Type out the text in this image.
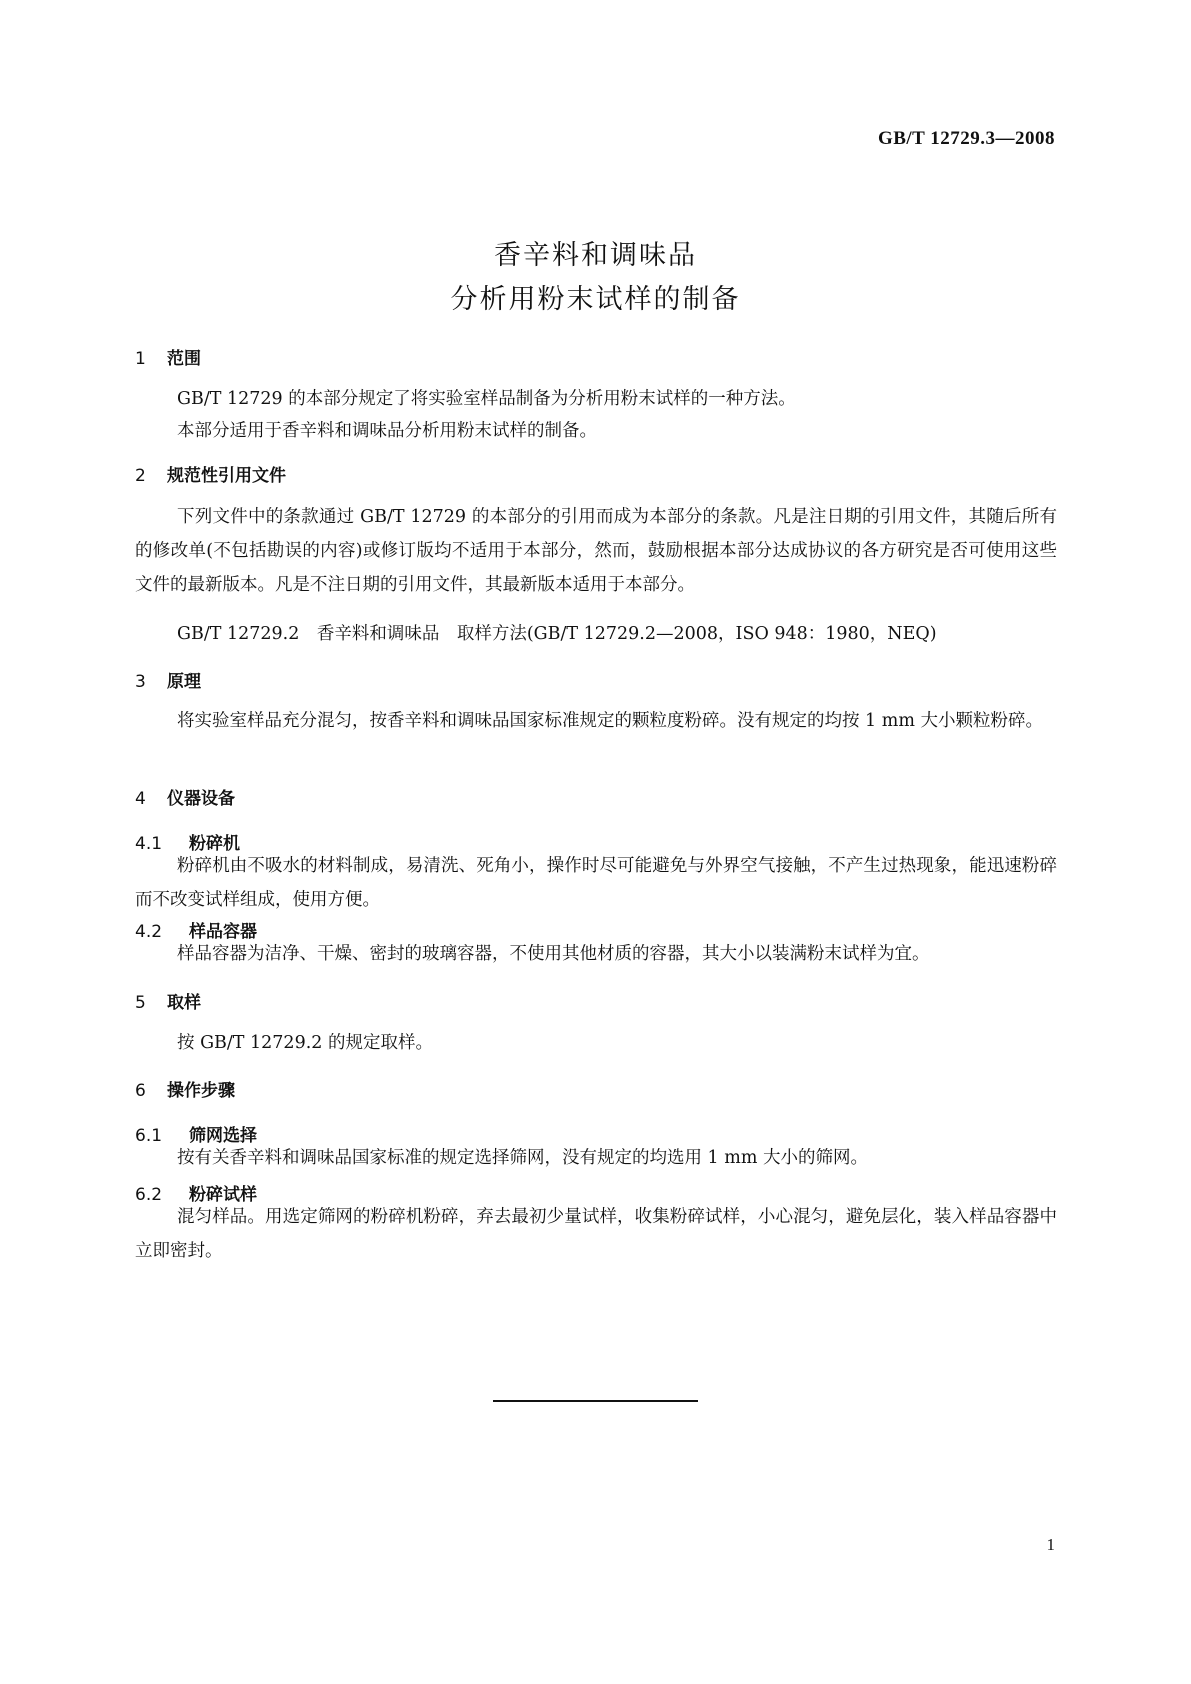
GB/T 12729.3—2008
香辛料和调味品
分析用粉末试样的制备
1 范围
GB/T 12729 的本部分规定了将实验室样品制备为分析用粉末试样的一种方法。
本部分适用于香辛料和调味品分析用粉末试样的制备。
2 规范性引用文件
下列文件中的条款通过 GB/T 12729 的本部分的引用而成为本部分的条款。凡是注日期的引用文件，其随后所有的修改单(不包括勘误的内容)或修订版均不适用于本部分，然而，鼓励根据本部分达成协议的各方研究是否可使用这些文件的最新版本。凡是不注日期的引用文件，其最新版本适用于本部分。
GB/T 12729.2　香辛料和调味品　取样方法(GB/T 12729.2—2008，ISO 948：1980，NEQ)
3 原理
将实验室样品充分混匀，按香辛料和调味品国家标准规定的颗粒度粉碎。没有规定的均按 1 mm 大小颗粒粉碎。
4 仪器设备
4.1 粉碎机
粉碎机由不吸水的材料制成，易清洗、死角小，操作时尽可能避免与外界空气接触，不产生过热现象，能迅速粉碎而不改变试样组成，使用方便。
4.2 样品容器
样品容器为洁净、干燥、密封的玻璃容器，不使用其他材质的容器，其大小以装满粉末试样为宜。
5 取样
按 GB/T 12729.2 的规定取样。
6 操作步骤
6.1 筛网选择
按有关香辛料和调味品国家标准的规定选择筛网，没有规定的均选用 1 mm 大小的筛网。
6.2 粉碎试样
混匀样品。用选定筛网的粉碎机粉碎，弃去最初少量试样，收集粉碎试样，小心混匀，避免层化，装入样品容器中立即密封。
1
